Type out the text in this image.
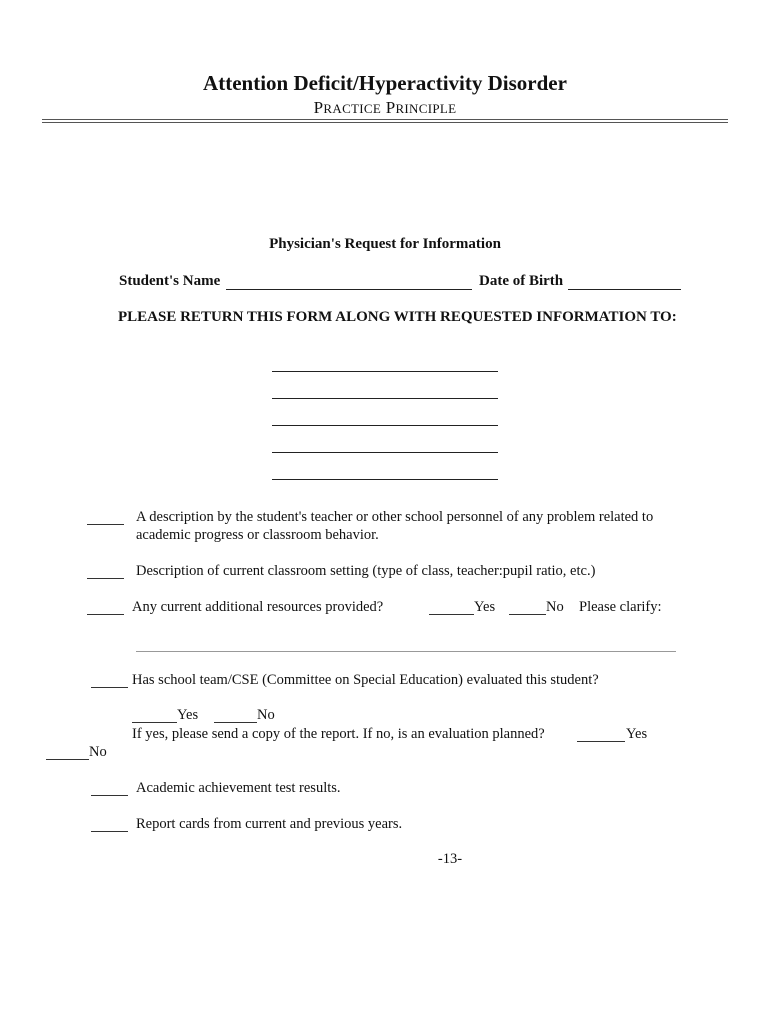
Attention Deficit/Hyperactivity Disorder
PRACTICE PRINCIPLE
Physician's Request for Information
Student's Name	Date of Birth
PLEASE RETURN THIS FORM ALONG WITH REQUESTED INFORMATION TO:
A description by the student's teacher or other school personnel of any problem related to
academic progress or classroom behavior.
Description of current classroom setting (type of class, teacher:pupil ratio, etc.)
Any current additional resources provided?	Yes	No Please clarify:
Has school team/CSE (Committee on Special Education) evaluated this student?
Yes	No
If yes, please send a copy of the report. If no, is an evaluation planned?	Yes
No
Academic achievement test results.
Report cards from current and previous years.
-13-
